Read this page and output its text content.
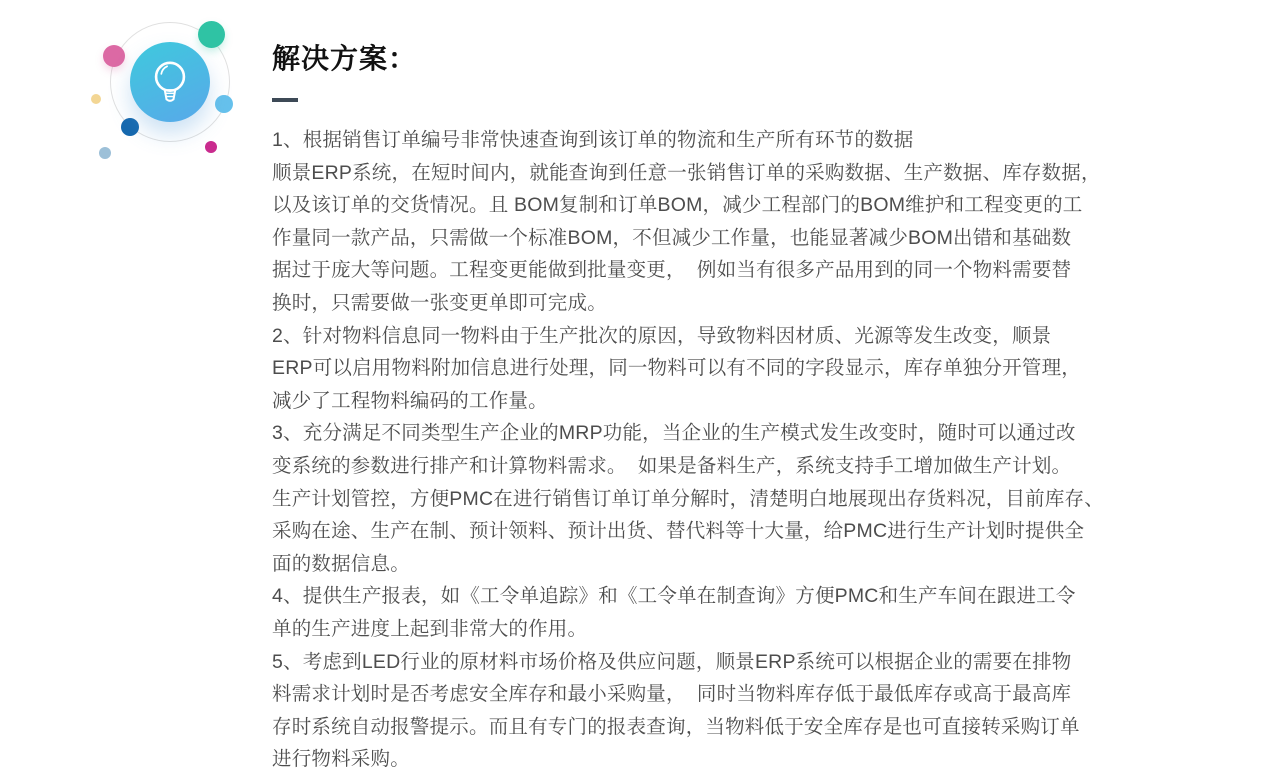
解决方案：
1、根据销售订单编号非常快速查询到该订单的物流和生产所有环节的数据
顺景ERP系统，在短时间内，就能查询到任意一张销售订单的采购数据、生产数据、库存数据，
以及该订单的交货情况。且 BOM复制和订单BOM，减少工程部门的BOM维护和工程变更的工
作量同一款产品，只需做一个标准BOM，不但减少工作量，也能显著减少BOM出错和基础数
据过于庞大等问题。工程变更能做到批量变更，  例如当有很多产品用到的同一个物料需要替
换时，只需要做一张变更单即可完成。
2、针对物料信息同一物料由于生产批次的原因，导致物料因材质、光源等发生改变，顺景
ERP可以启用物料附加信息进行处理，同一物料可以有不同的字段显示，库存单独分开管理，
减少了工程物料编码的工作量。
3、充分满足不同类型生产企业的MRP功能，当企业的生产模式发生改变时，随时可以通过改
变系统的参数进行排产和计算物料需求。  如果是备料生产，系统支持手工增加做生产计划。
生产计划管控，方便PMC在进行销售订单订单分解时，清楚明白地展现出存货料况，目前库存、
采购在途、生产在制、预计领料、预计出货、替代料等十大量，给PMC进行生产计划时提供全
面的数据信息。
4、提供生产报表，如《工令单追踪》和《工令单在制查询》方便PMC和生产车间在跟进工令
单的生产进度上起到非常大的作用。
5、考虑到LED行业的原材料市场价格及供应问题，顺景ERP系统可以根据企业的需要在排物
料需求计划时是否考虑安全库存和最小采购量，  同时当物料库存低于最低库存或高于最高库
存时系统自动报警提示。而且有专门的报表查询，当物料低于安全库存是也可直接转采购订单
进行物料采购。
